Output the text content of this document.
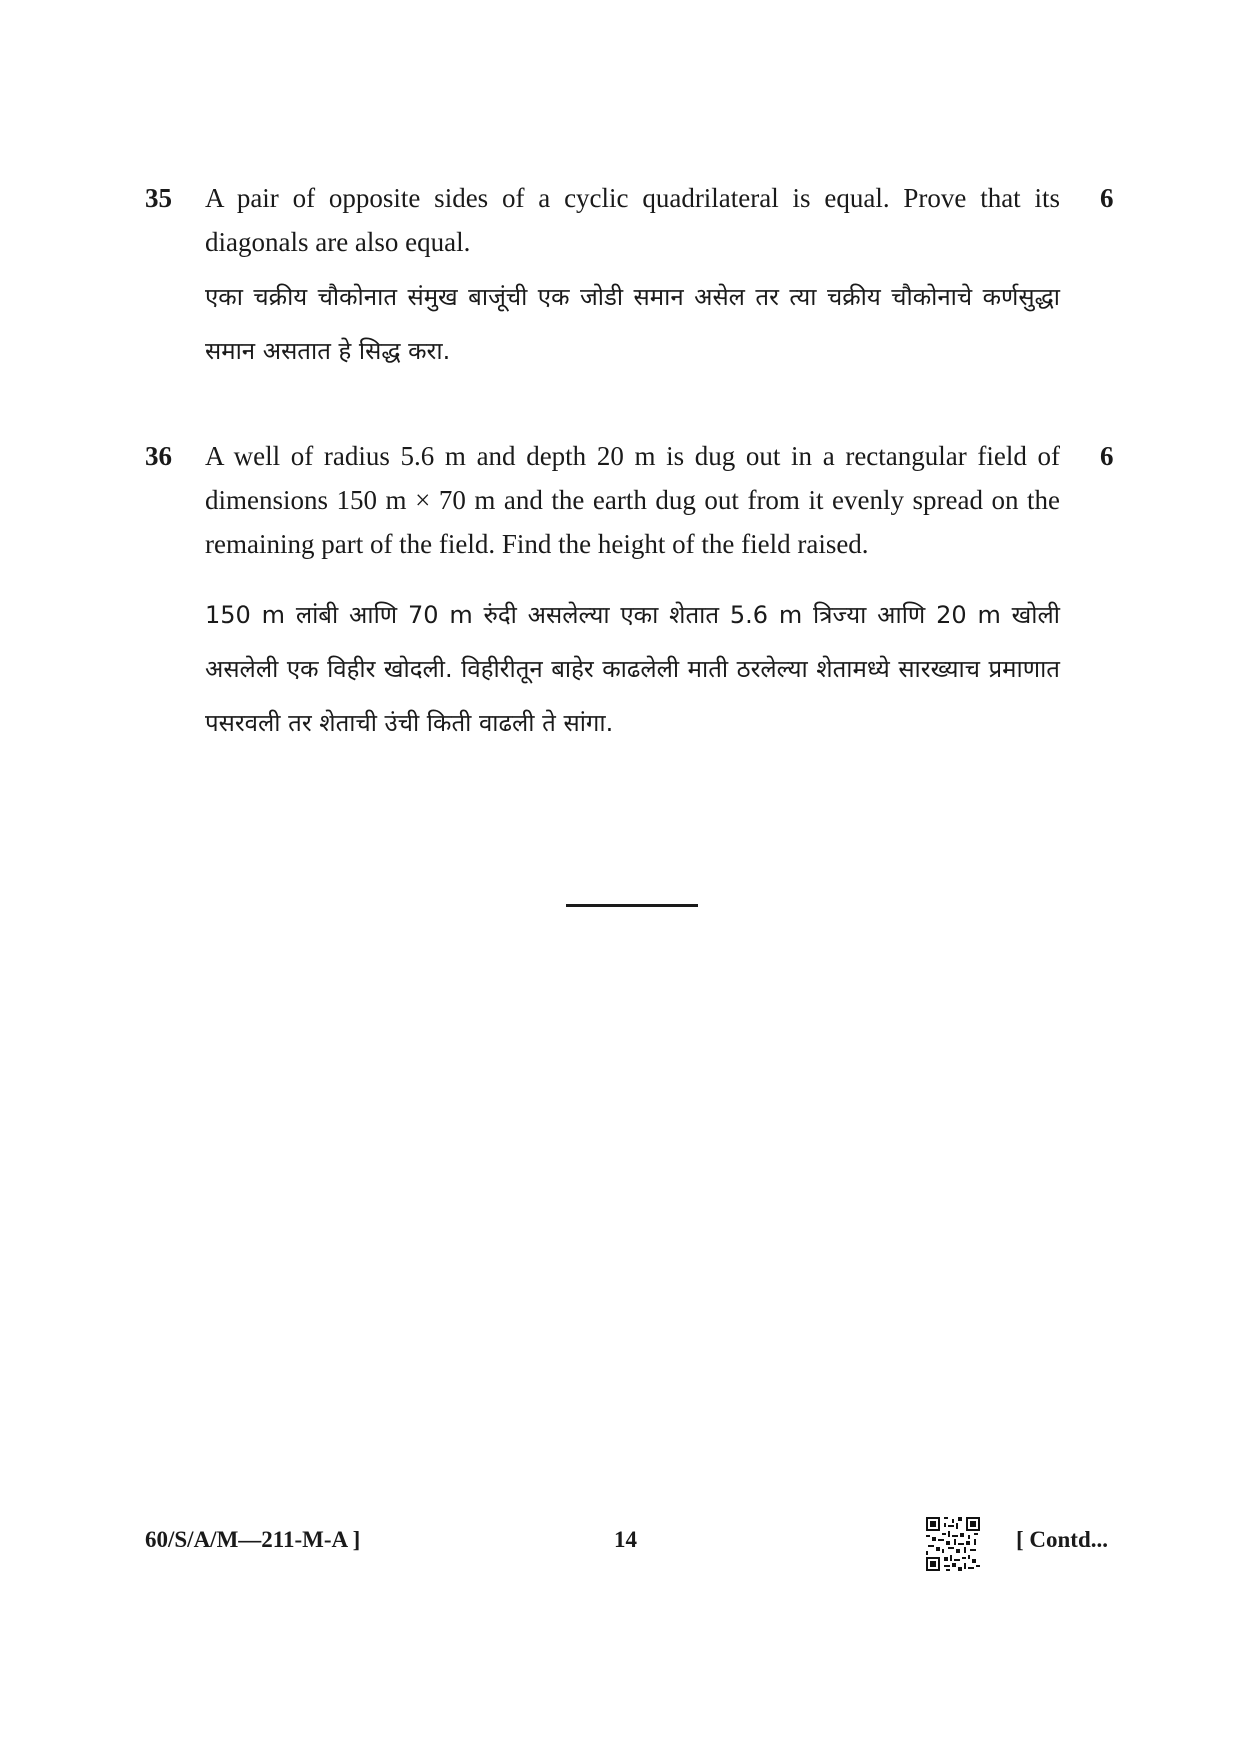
35 A pair of opposite sides of a cyclic quadrilateral is equal. Prove that its diagonals are also equal.
6
एका चक्रीय चौकोनात संमुख बाजूंची एक जोडी समान असेल तर त्या चक्रीय चौकोनाचे कर्णसुद्धा समान असतात हे सिद्ध करा.
36 A well of radius 5.6 m and depth 20 m is dug out in a rectangular field of dimensions 150 m × 70 m and the earth dug out from it evenly spread on the remaining part of the field. Find the height of the field raised.
6
150 m लांबी आणि 70 m रुंदी असलेल्या एका शेतात 5.6 m त्रिज्या आणि 20 m खोली असलेली एक विहीर खोदली. विहीरीतून बाहेर काढलेली माती ठरलेल्या शेतामध्ये सारख्याच प्रमाणात पसरवली तर शेताची उंची किती वाढली ते सांगा.
60/S/A/M—211-M-A ]	14	[ Contd...
